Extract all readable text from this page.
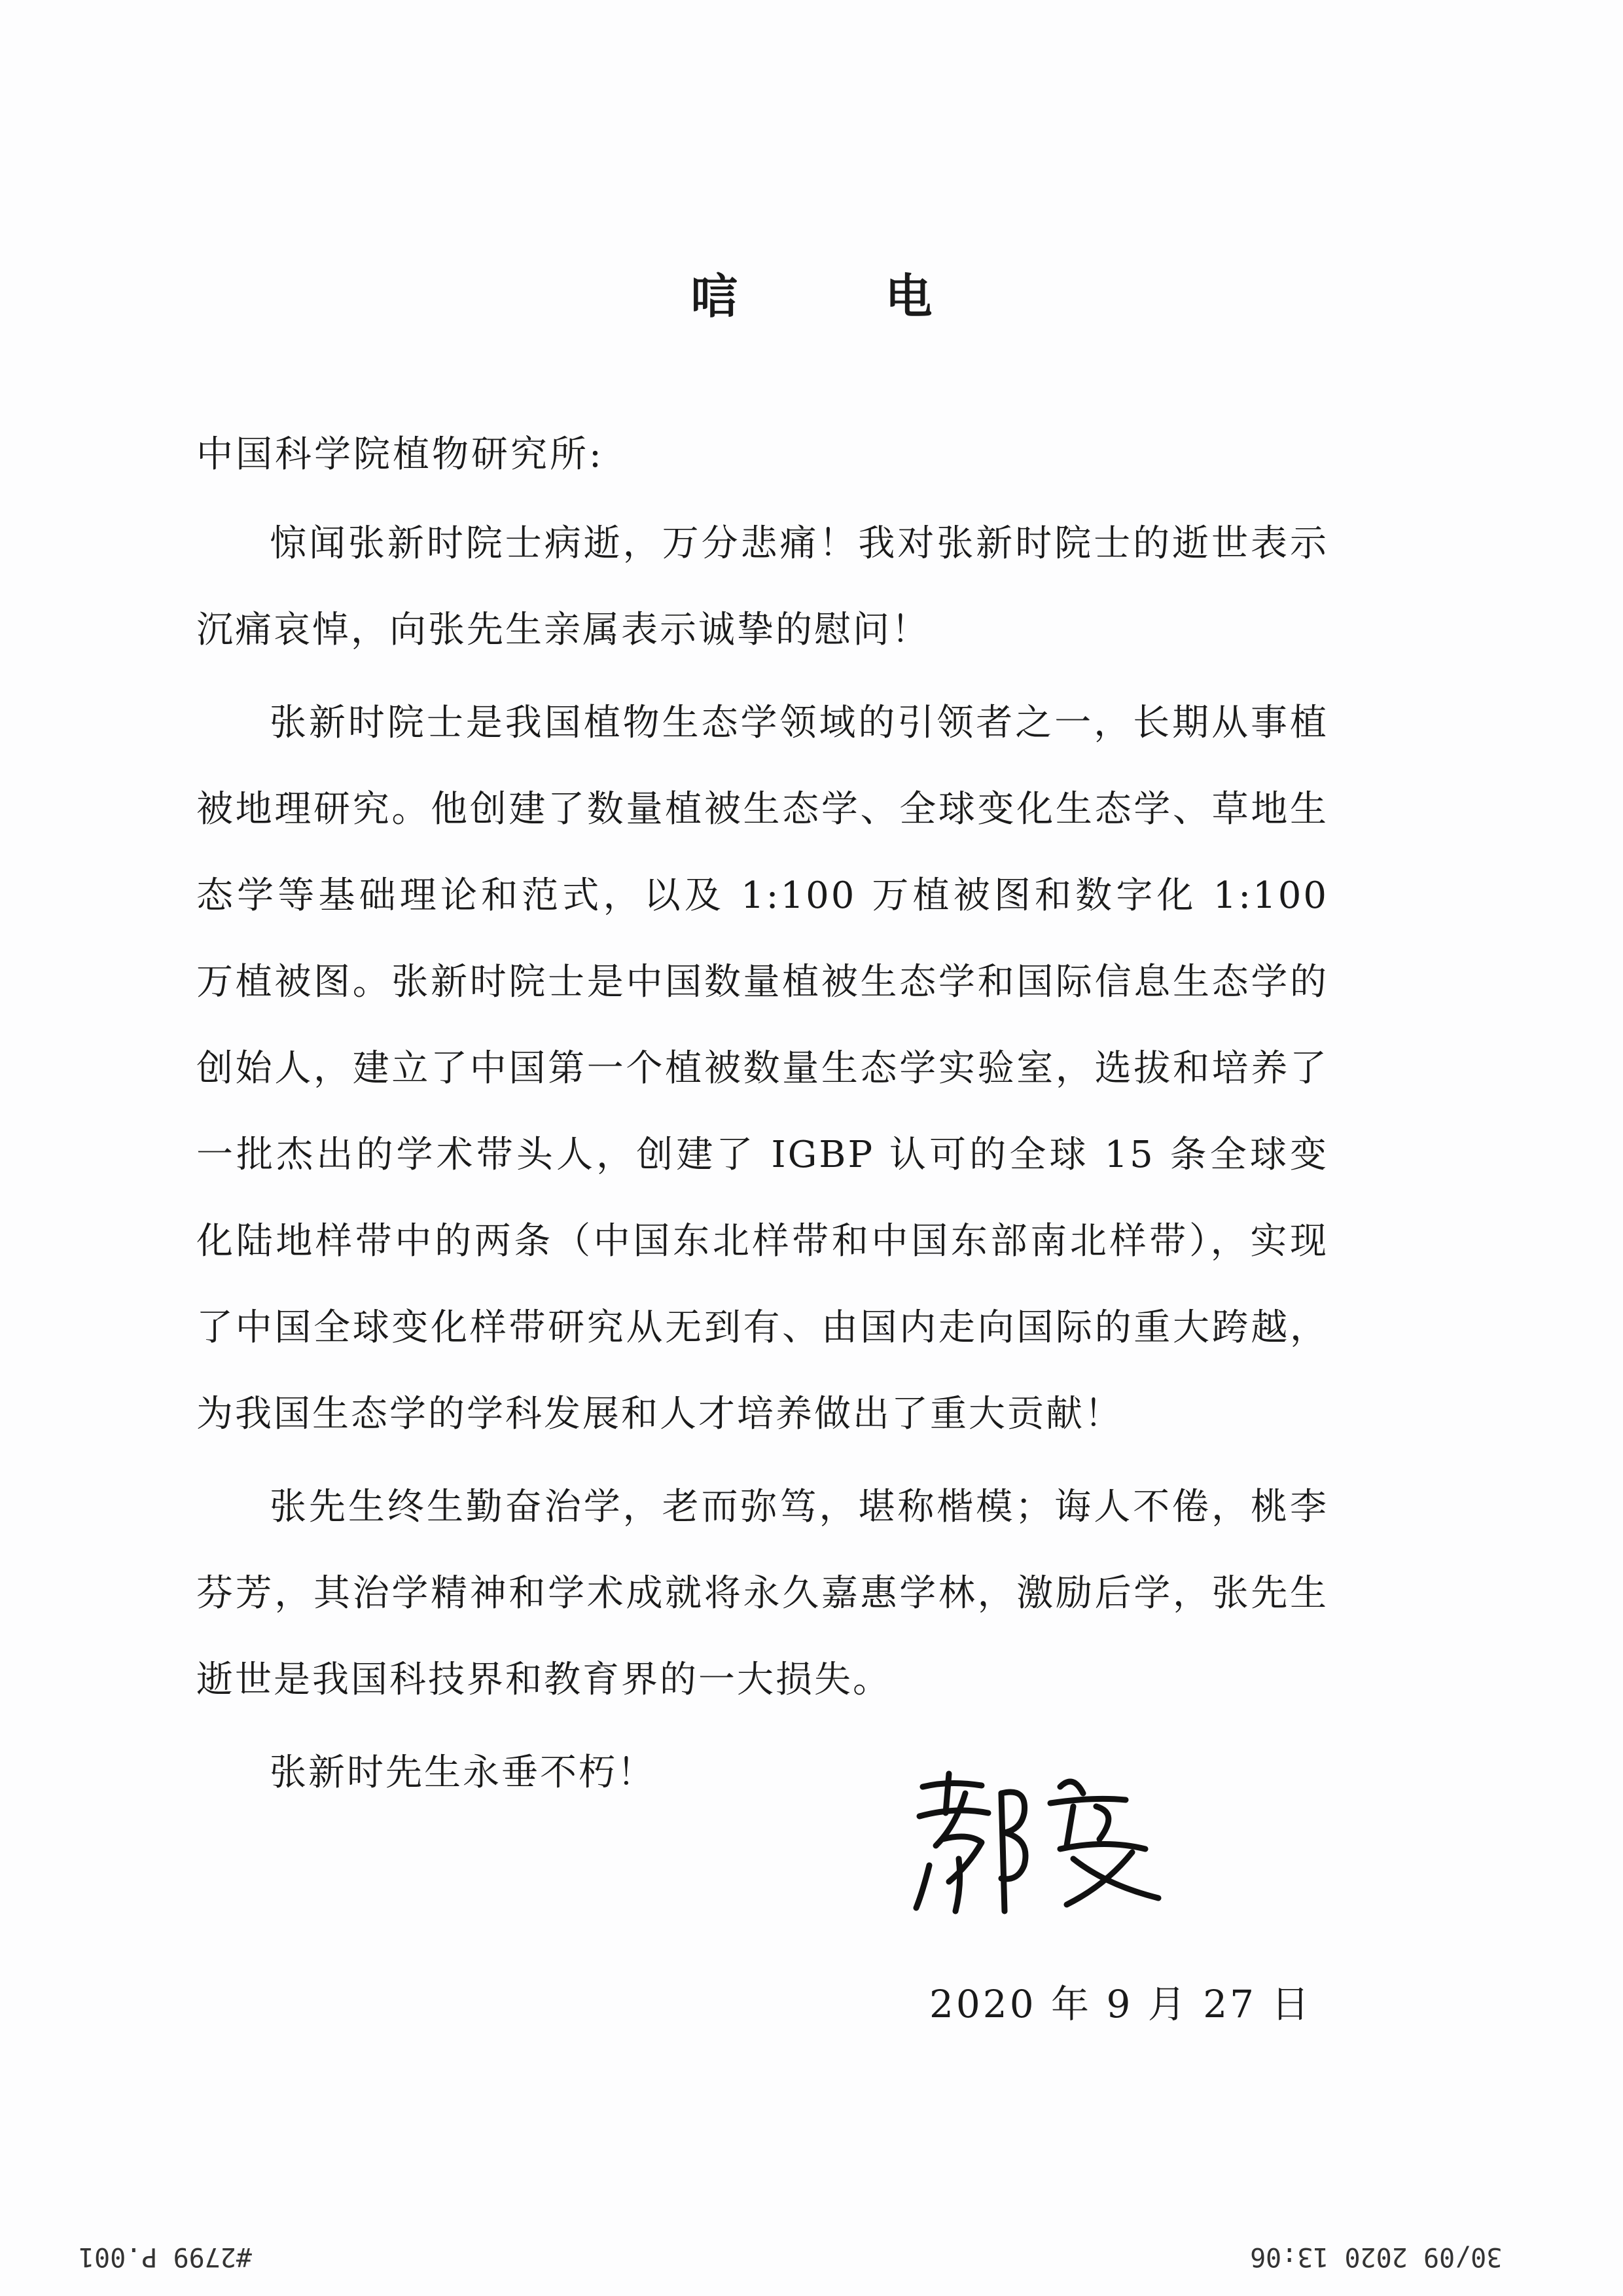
唁 电
中国科学院植物研究所:

惊闻张新时院士病逝，万分悲痛！我对张新时院士的逝世表示沉痛哀悼，向张先生亲属表示诚挚的慰问！

张新时院士是我国植物生态学领域的引领者之一，长期从事植被地理研究。他创建了数量植被生态学、全球变化生态学、草地生态学等基础理论和范式，以及 1:100 万植被图和数字化 1:100 万植被图。张新时院士是中国数量植被生态学和国际信息生态学的创始人，建立了中国第一个植被数量生态学实验室，选拔和培养了一批杰出的学术带头人，创建了 IGBP 认可的全球 15 条全球变化陆地样带中的两条（中国东北样带和中国东部南北样带），实现了中国全球变化样带研究从无到有、由国内走向国际的重大跨越，为我国生态学的学科发展和人才培养做出了重大贡献！

张先生终生勤奋治学，老而弥笃，堪称楷模；诲人不倦，桃李芬芳，其治学精神和学术成就将永久嘉惠学林，激励后学，张先生逝世是我国科技界和教育界的一大损失。

张新时先生永垂不朽！

2020 年 9 月 27 日
#2799 P.001	30/09 2020 13:06
